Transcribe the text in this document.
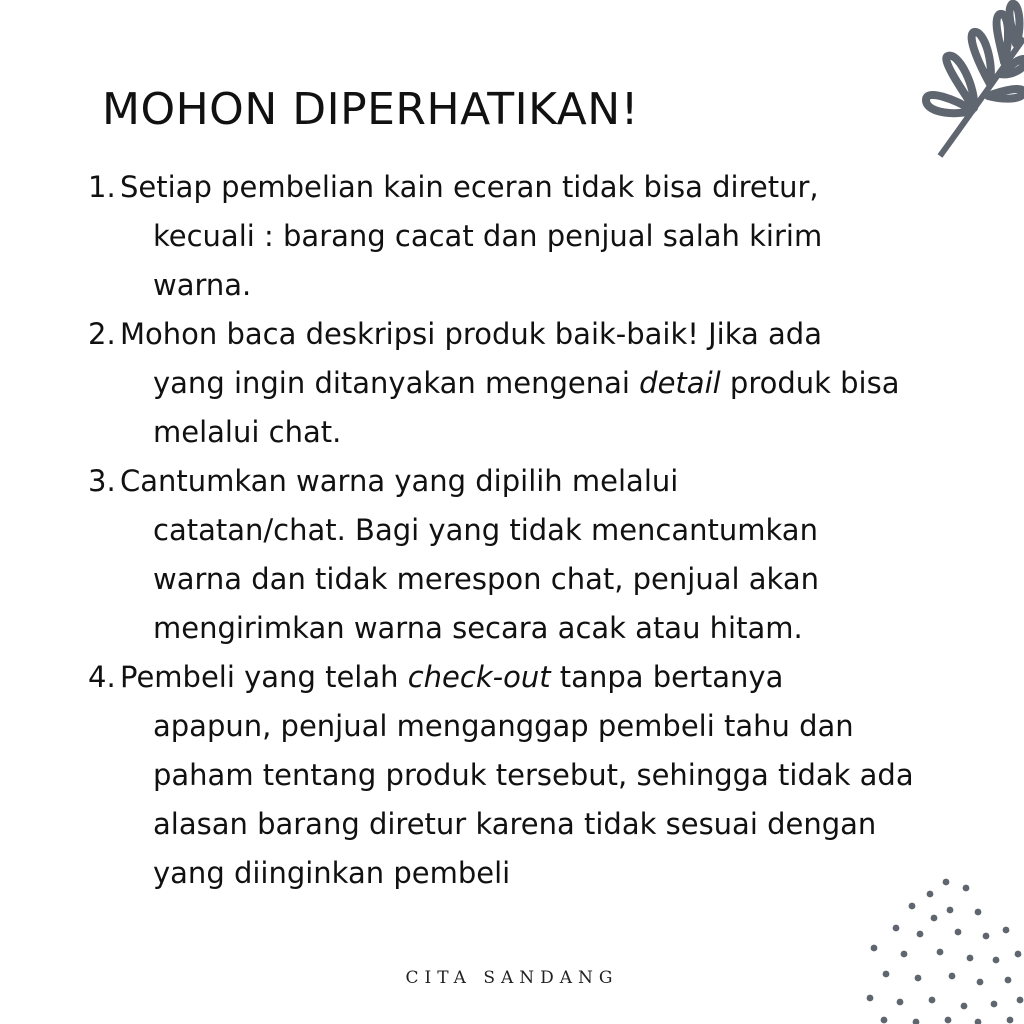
MOHON DIPERHATIKAN!
1. Setiap pembelian kain eceran tidak bisa diretur,
kecuali : barang cacat dan penjual salah kirim
warna.
2. Mohon baca deskripsi produk baik-baik! Jika ada
yang ingin ditanyakan mengenai detail produk bisa
melalui chat.
3. Cantumkan warna yang dipilih melalui
catatan/chat. Bagi yang tidak mencantumkan
warna dan tidak merespon chat, penjual akan
mengirimkan warna secara acak atau hitam.
4. Pembeli yang telah check-out tanpa bertanya
apapun, penjual menganggap pembeli tahu dan
paham tentang produk tersebut, sehingga tidak ada
alasan barang diretur karena tidak sesuai dengan
yang diinginkan pembeli
CITA SANDANG
